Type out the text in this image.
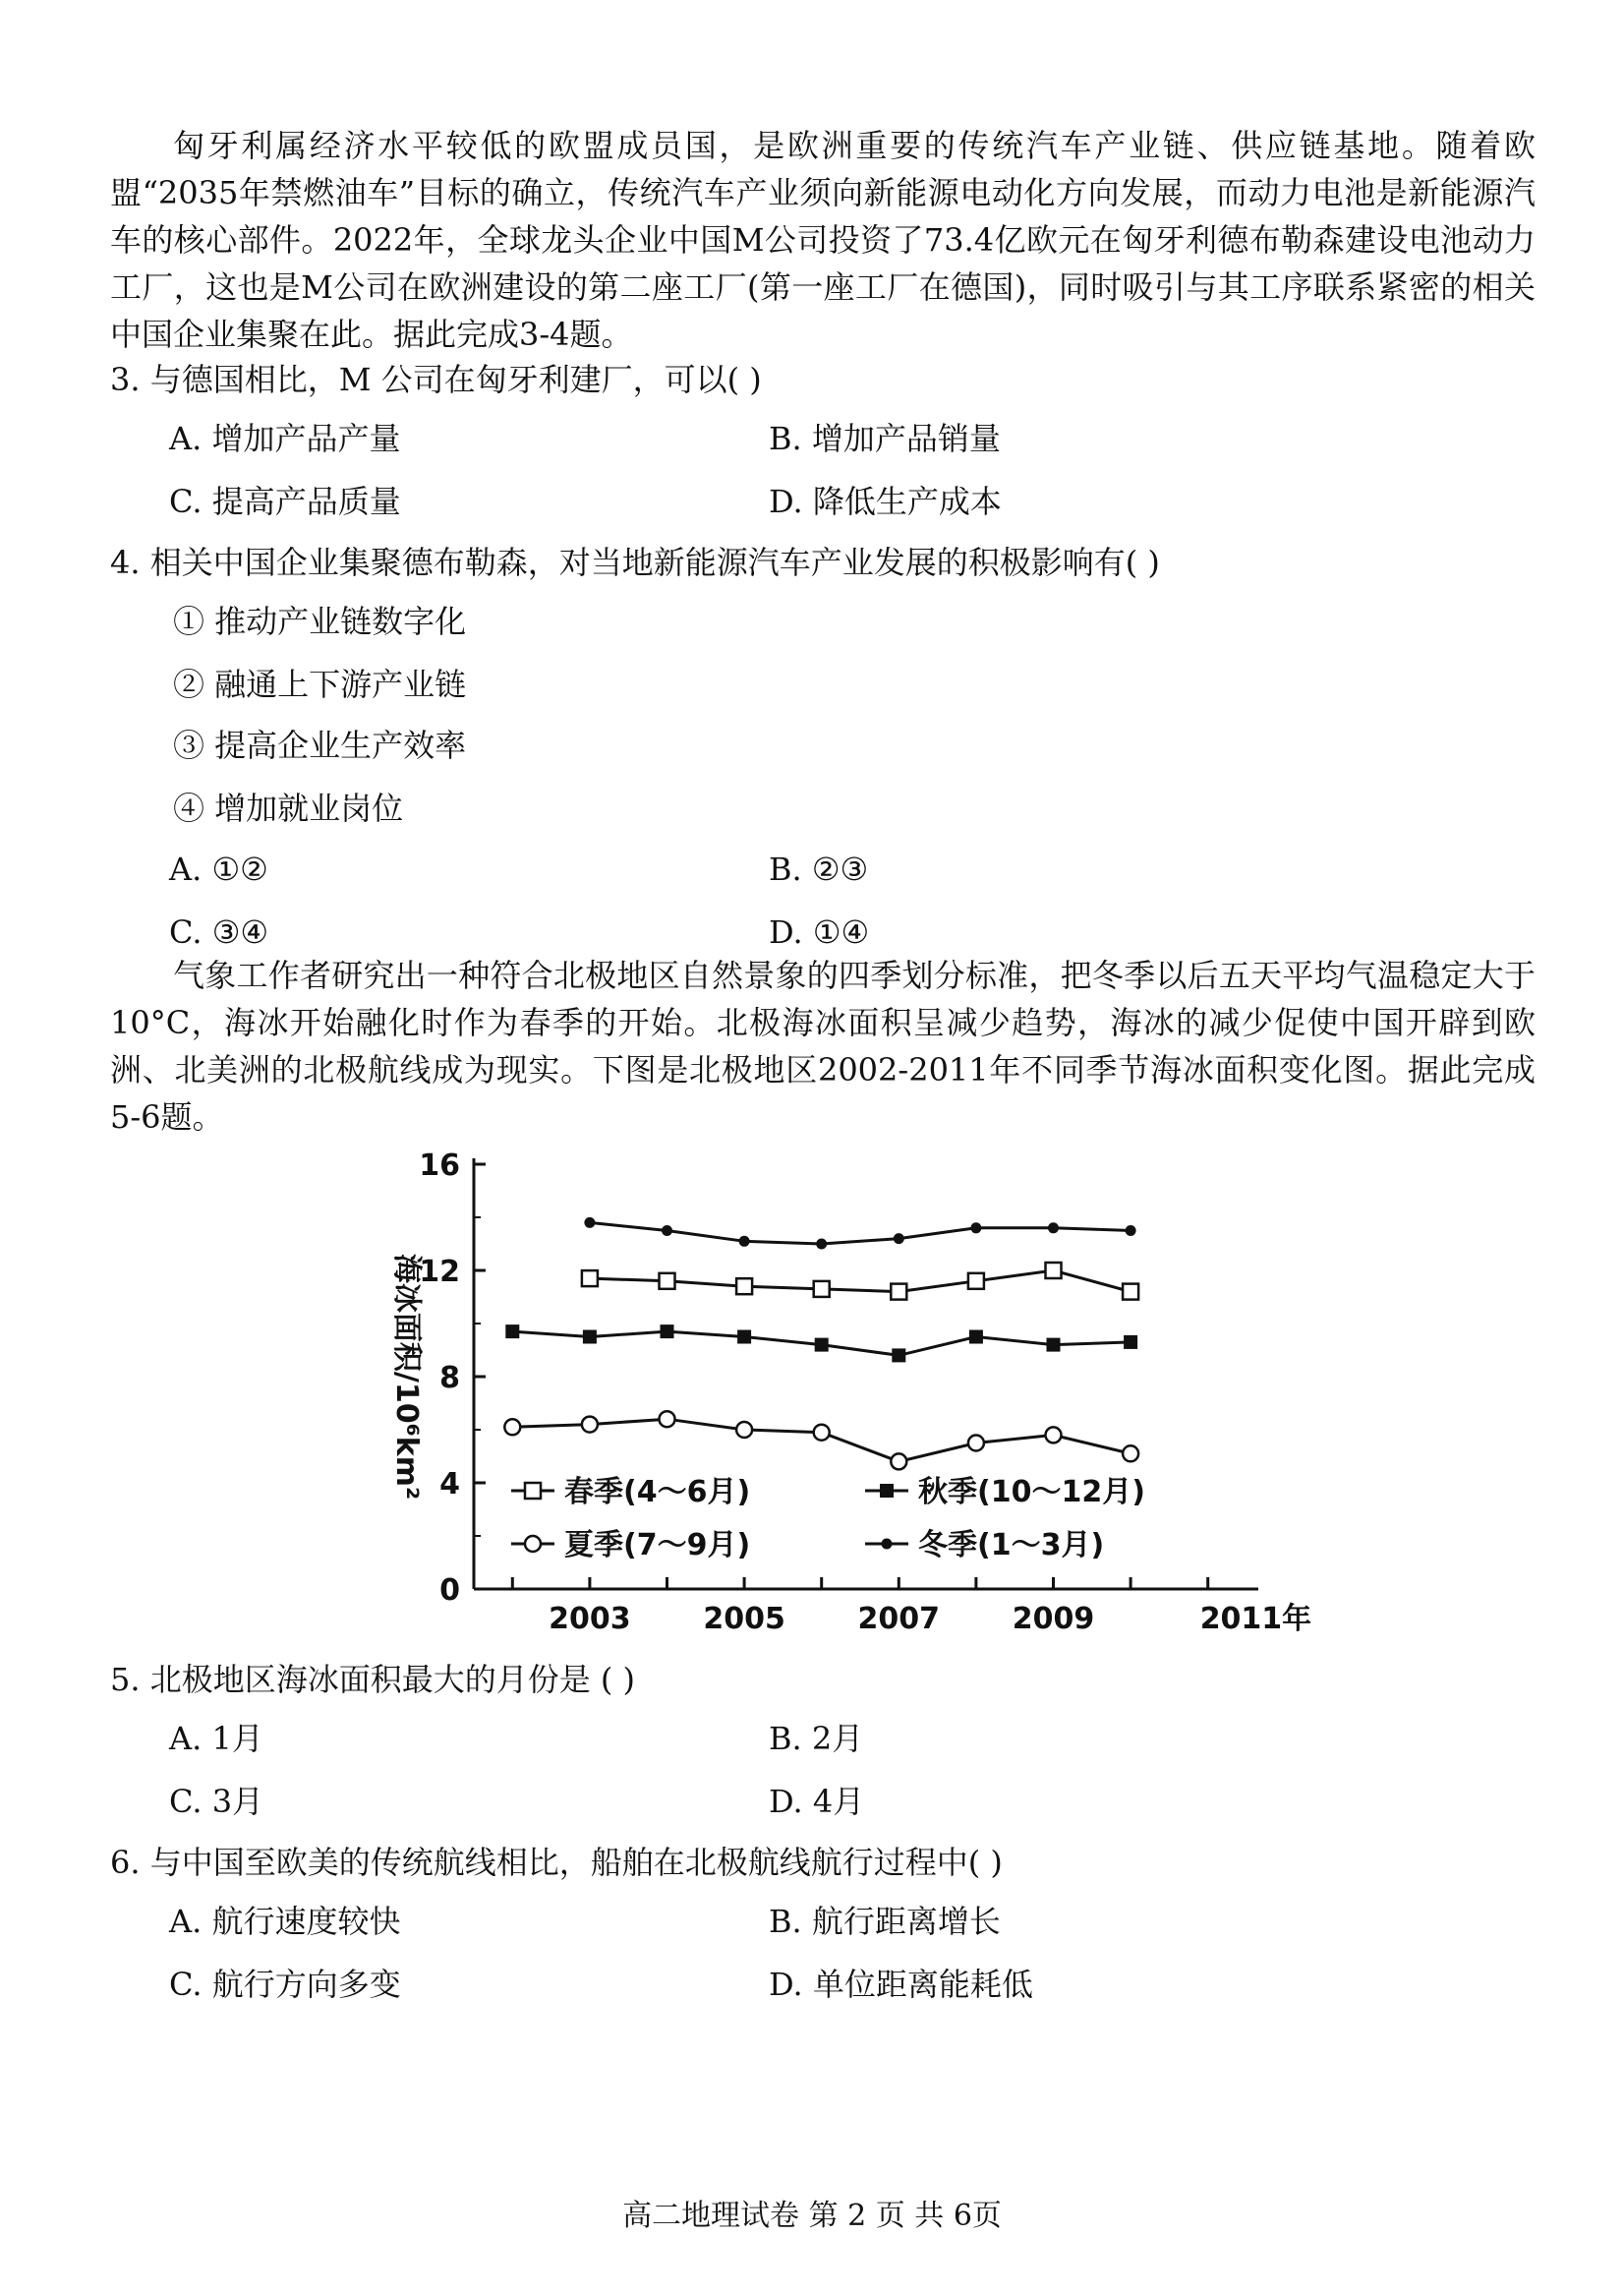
匈牙利属经济水平较低的欧盟成员国，是欧洲重要的传统汽车产业链、供应链基地。随着欧盟“2035年禁燃油车”目标的确立，传统汽车产业须向新能源电动化方向发展，而动力电池是新能源汽车的核心部件。2022年，全球龙头企业中国M公司投资了73.4亿欧元在匈牙利德布勒森建设电池动力工厂，这也是M公司在欧洲建设的第二座工厂(第一座工厂在德国)，同时吸引与其工序联系紧密的相关中国企业集聚在此。据此完成3-4题。

3. 与德国相比，M 公司在匈牙利建厂，可以( )
A. 增加产品产量	B. 增加产品销量
C. 提高产品质量	D. 降低生产成本
4. 相关中国企业集聚德布勒森，对当地新能源汽车产业发展的积极影响有( )
① 推动产业链数字化
② 融通上下游产业链
③ 提高企业生产效率
④ 增加就业岗位
A. ①②	B. ②③
C. ③④	D. ①④

气象工作者研究出一种符合北极地区自然景象的四季划分标准，把冬季以后五天平均气温稳定大于10°C，海冰开始融化时作为春季的开始。北极海冰面积呈减少趋势，海冰的减少促使中国开辟到欧洲、北美洲的北极航线成为现实。下图是北极地区2002-2011年不同季节海冰面积变化图。据此完成5-6题。

0
4
8
12
16
2003 2005 2007 2009	2011年
海冰面积/10⁶km²	春季(4～6月)	秋季(10～12月)
夏季(7～9月)	冬季(1～3月)
5. 北极地区海冰面积最大的月份是 ( )
A. 1月	B. 2月
C. 3月	D. 4月
6. 与中国至欧美的传统航线相比，船舶在北极航线航行过程中( )
A. 航行速度较快	B. 航行距离增长
C. 航行方向多变	D. 单位距离能耗低
高二地理试卷 第 2 页 共 6页
